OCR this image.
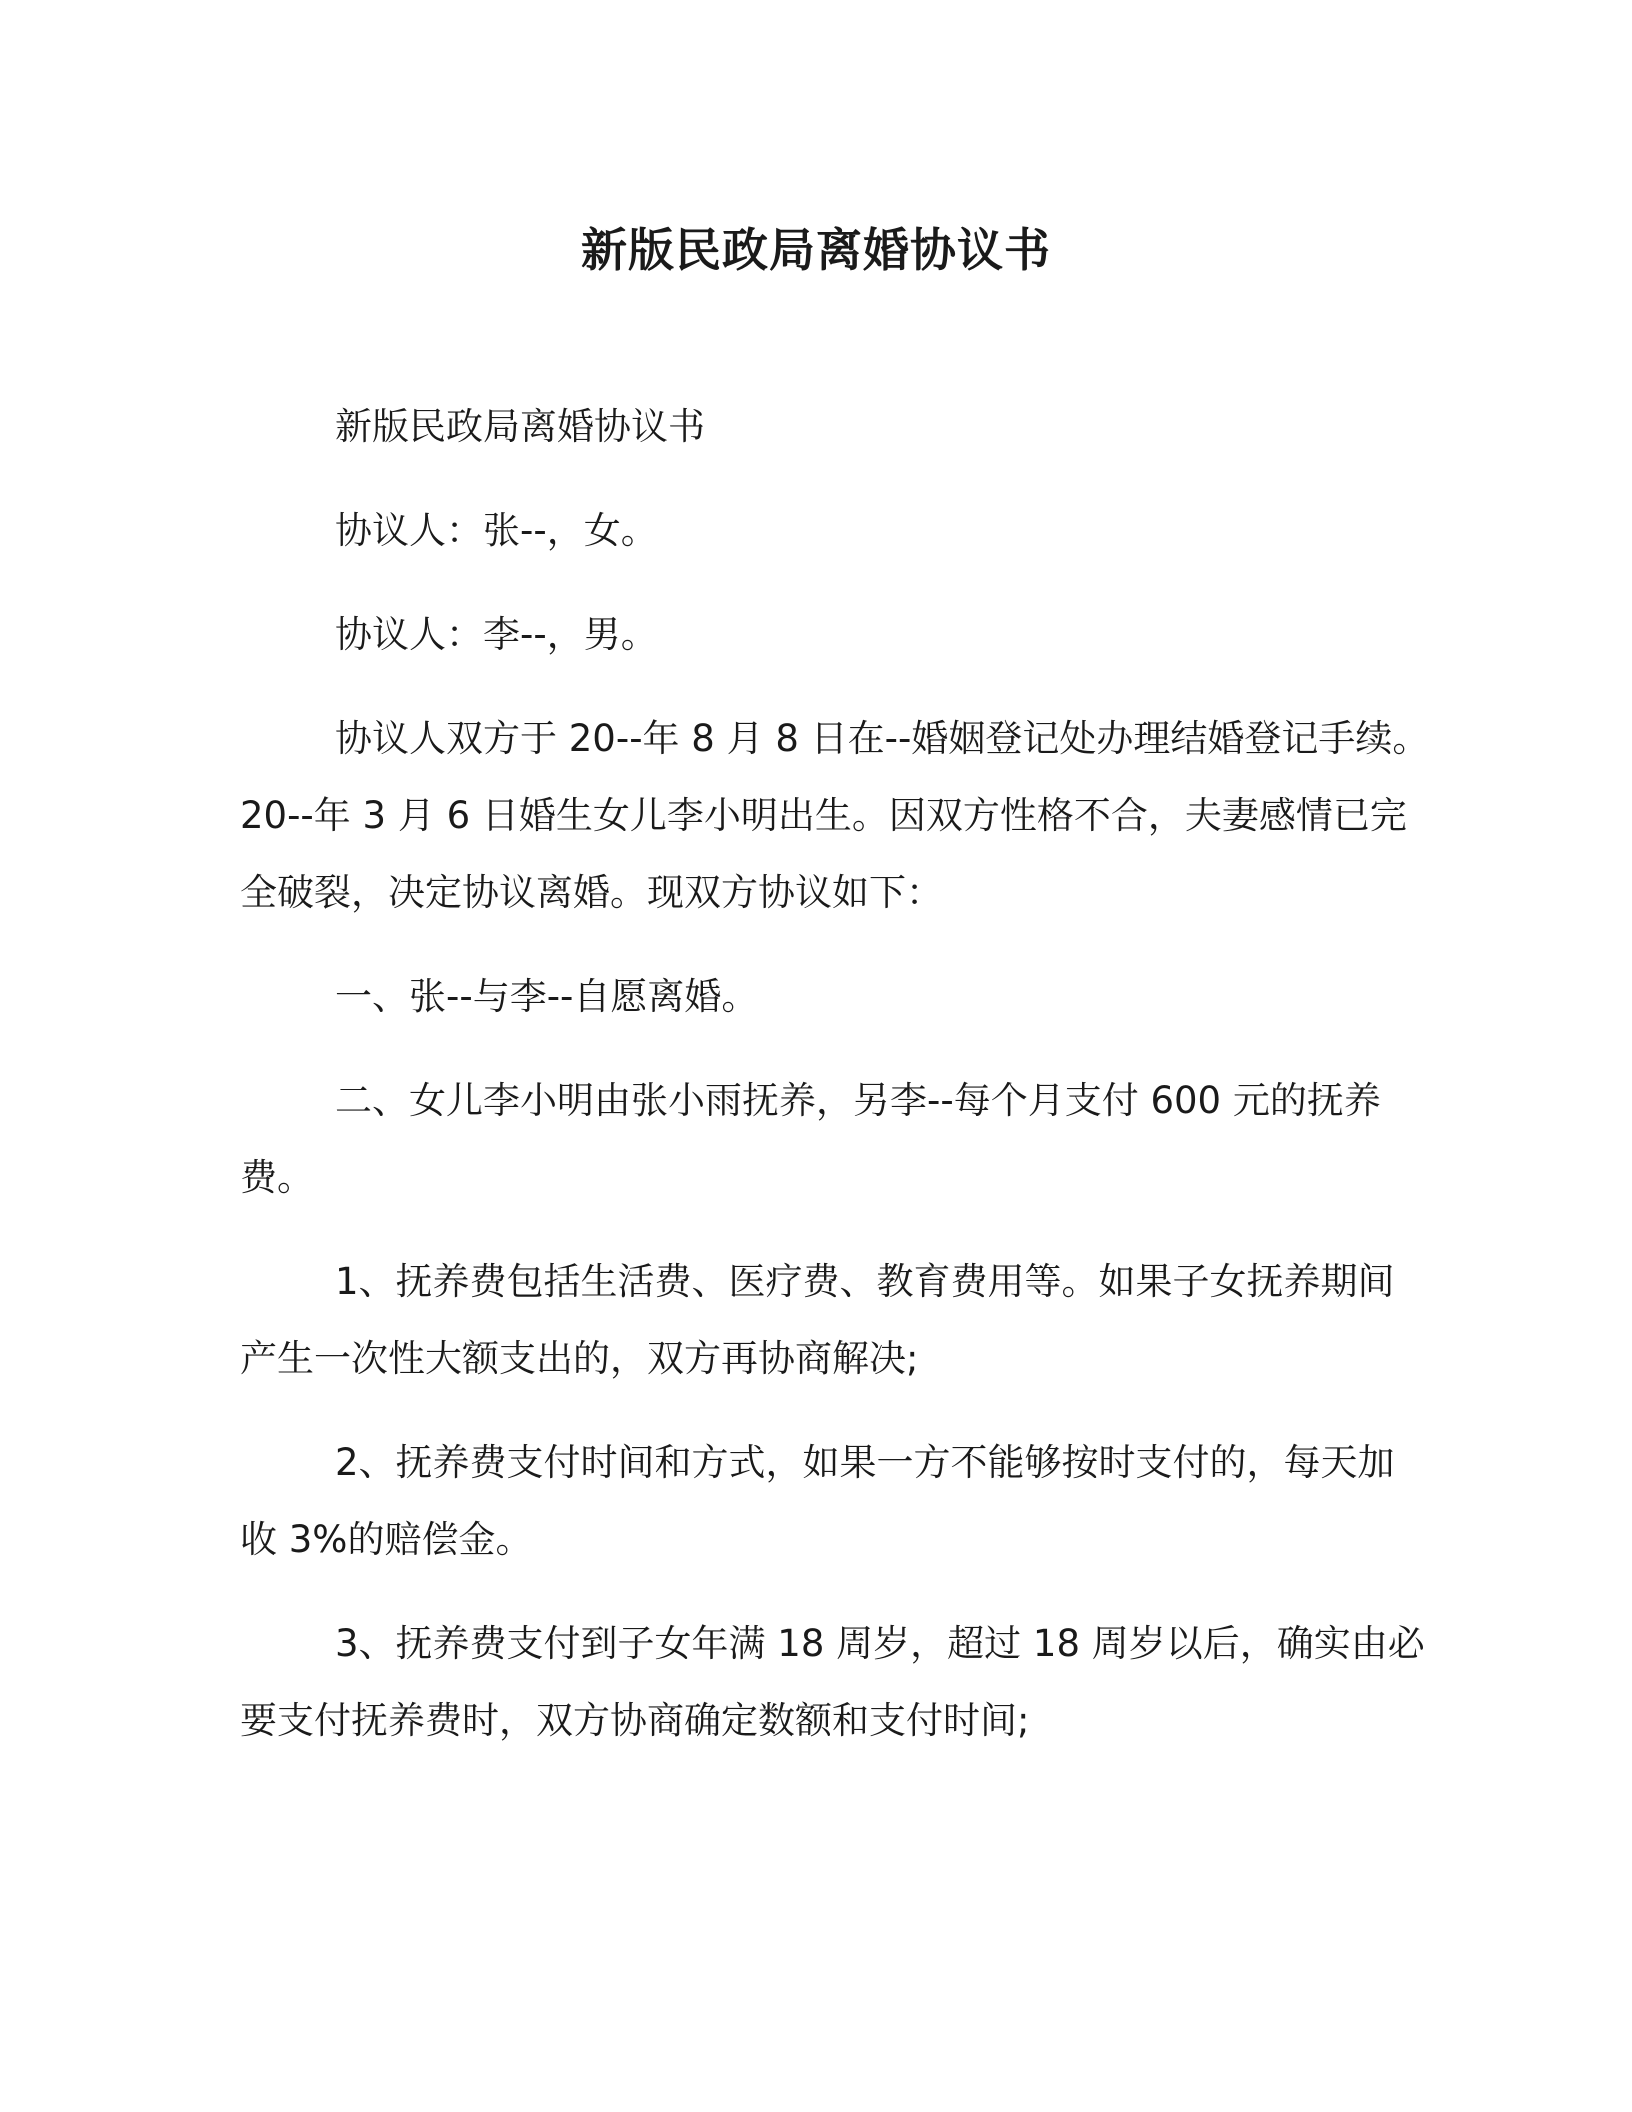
新版民政局离婚协议书

新版民政局离婚协议书

协议人：张--，女。

协议人：李--，男。

协议人双方于 20--年 8 月 8 日在--婚姻登记处办理结婚登记手续。20--年 3 月 6 日婚生女儿李小明出生。因双方性格不合，夫妻感情已完全破裂，决定协议离婚。现双方协议如下：

一、张--与李--自愿离婚。

二、女儿李小明由张小雨抚养，另李--每个月支付 600 元的抚养费。

1、抚养费包括生活费、医疗费、教育费用等。如果子女抚养期间产生一次性大额支出的，双方再协商解决;

2、抚养费支付时间和方式，如果一方不能够按时支付的，每天加收 3%的赔偿金。

3、抚养费支付到子女年满 18 周岁，超过 18 周岁以后，确实由必要支付抚养费时，双方协商确定数额和支付时间;
